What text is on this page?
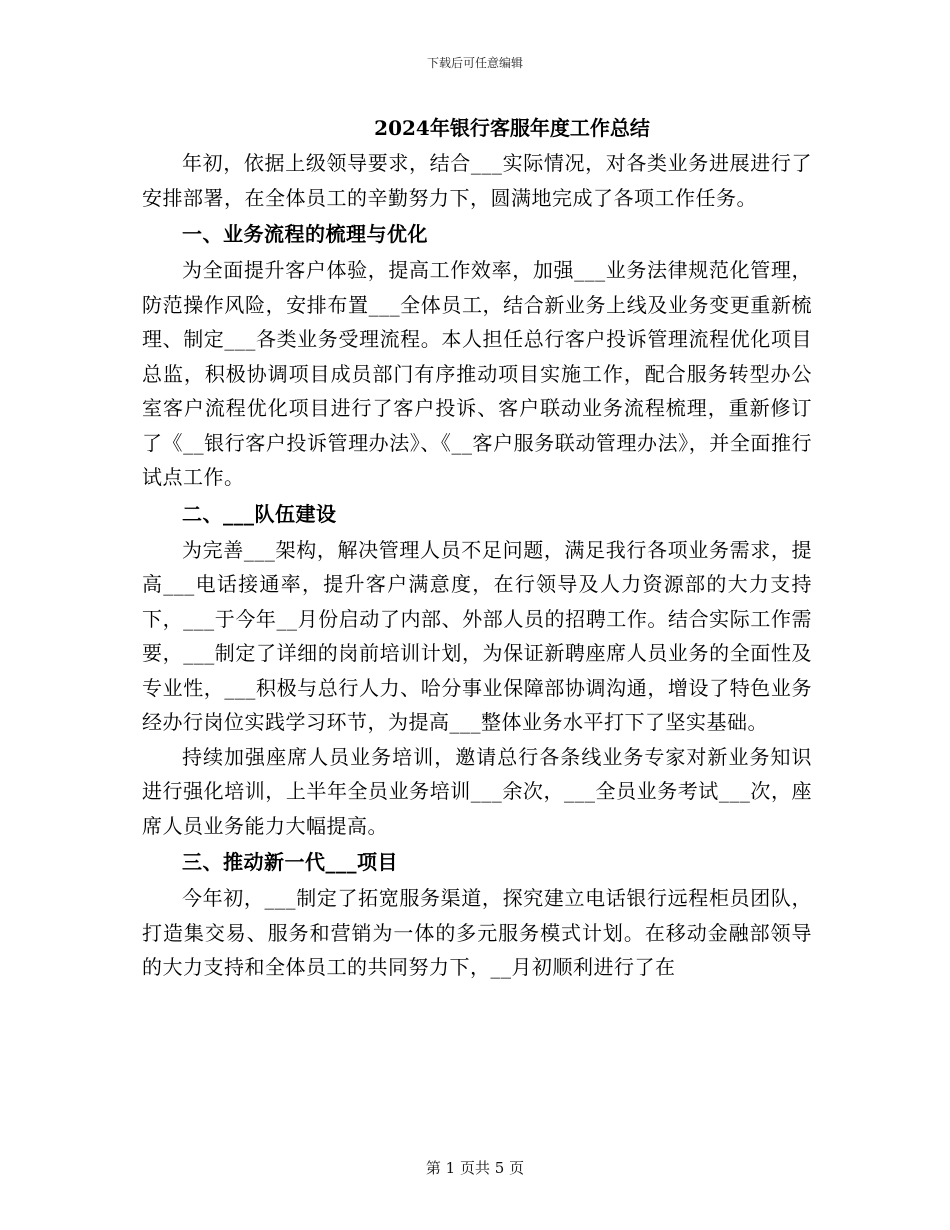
下载后可任意编辑
2024年银行客服年度工作总结

年初，依据上级领导要求，结合___实际情况，对各类业务进展进行了安排部署，在全体员工的辛勤努力下，圆满地完成了各项工作任务。

一、业务流程的梳理与优化

为全面提升客户体验，提高工作效率，加强___业务法律规范化管理，防范操作风险，安排布置___全体员工，结合新业务上线及业务变更重新梳理、制定___各类业务受理流程。本人担任总行客户投诉管理流程优化项目总监，积极协调项目成员部门有序推动项目实施工作，配合服务转型办公室客户流程优化项目进行了客户投诉、客户联动业务流程梳理，重新修订了《__银行客户投诉管理办法》、《__客户服务联动管理办法》，并全面推行试点工作。

二、___队伍建设

为完善___架构，解决管理人员不足问题，满足我行各项业务需求，提高___电话接通率，提升客户满意度，在行领导及人力资源部的大力支持下，___于今年__月份启动了内部、外部人员的招聘工作。结合实际工作需要，___制定了详细的岗前培训计划，为保证新聘座席人员业务的全面性及专业性，___积极与总行人力、哈分事业保障部协调沟通，增设了特色业务经办行岗位实践学习环节，为提高___整体业务水平打下了坚实基础。

持续加强座席人员业务培训，邀请总行各条线业务专家对新业务知识进行强化培训，上半年全员业务培训___余次，___全员业务考试___次，座席人员业务能力大幅提高。

三、推动新一代___项目

今年初，___制定了拓宽服务渠道，探究建立电话银行远程柜员团队，打造集交易、服务和营销为一体的多元服务模式计划。在移动金融部领导的大力支持和全体员工的共同努力下，__月初顺利进行了在

第 1 页共 5 页
